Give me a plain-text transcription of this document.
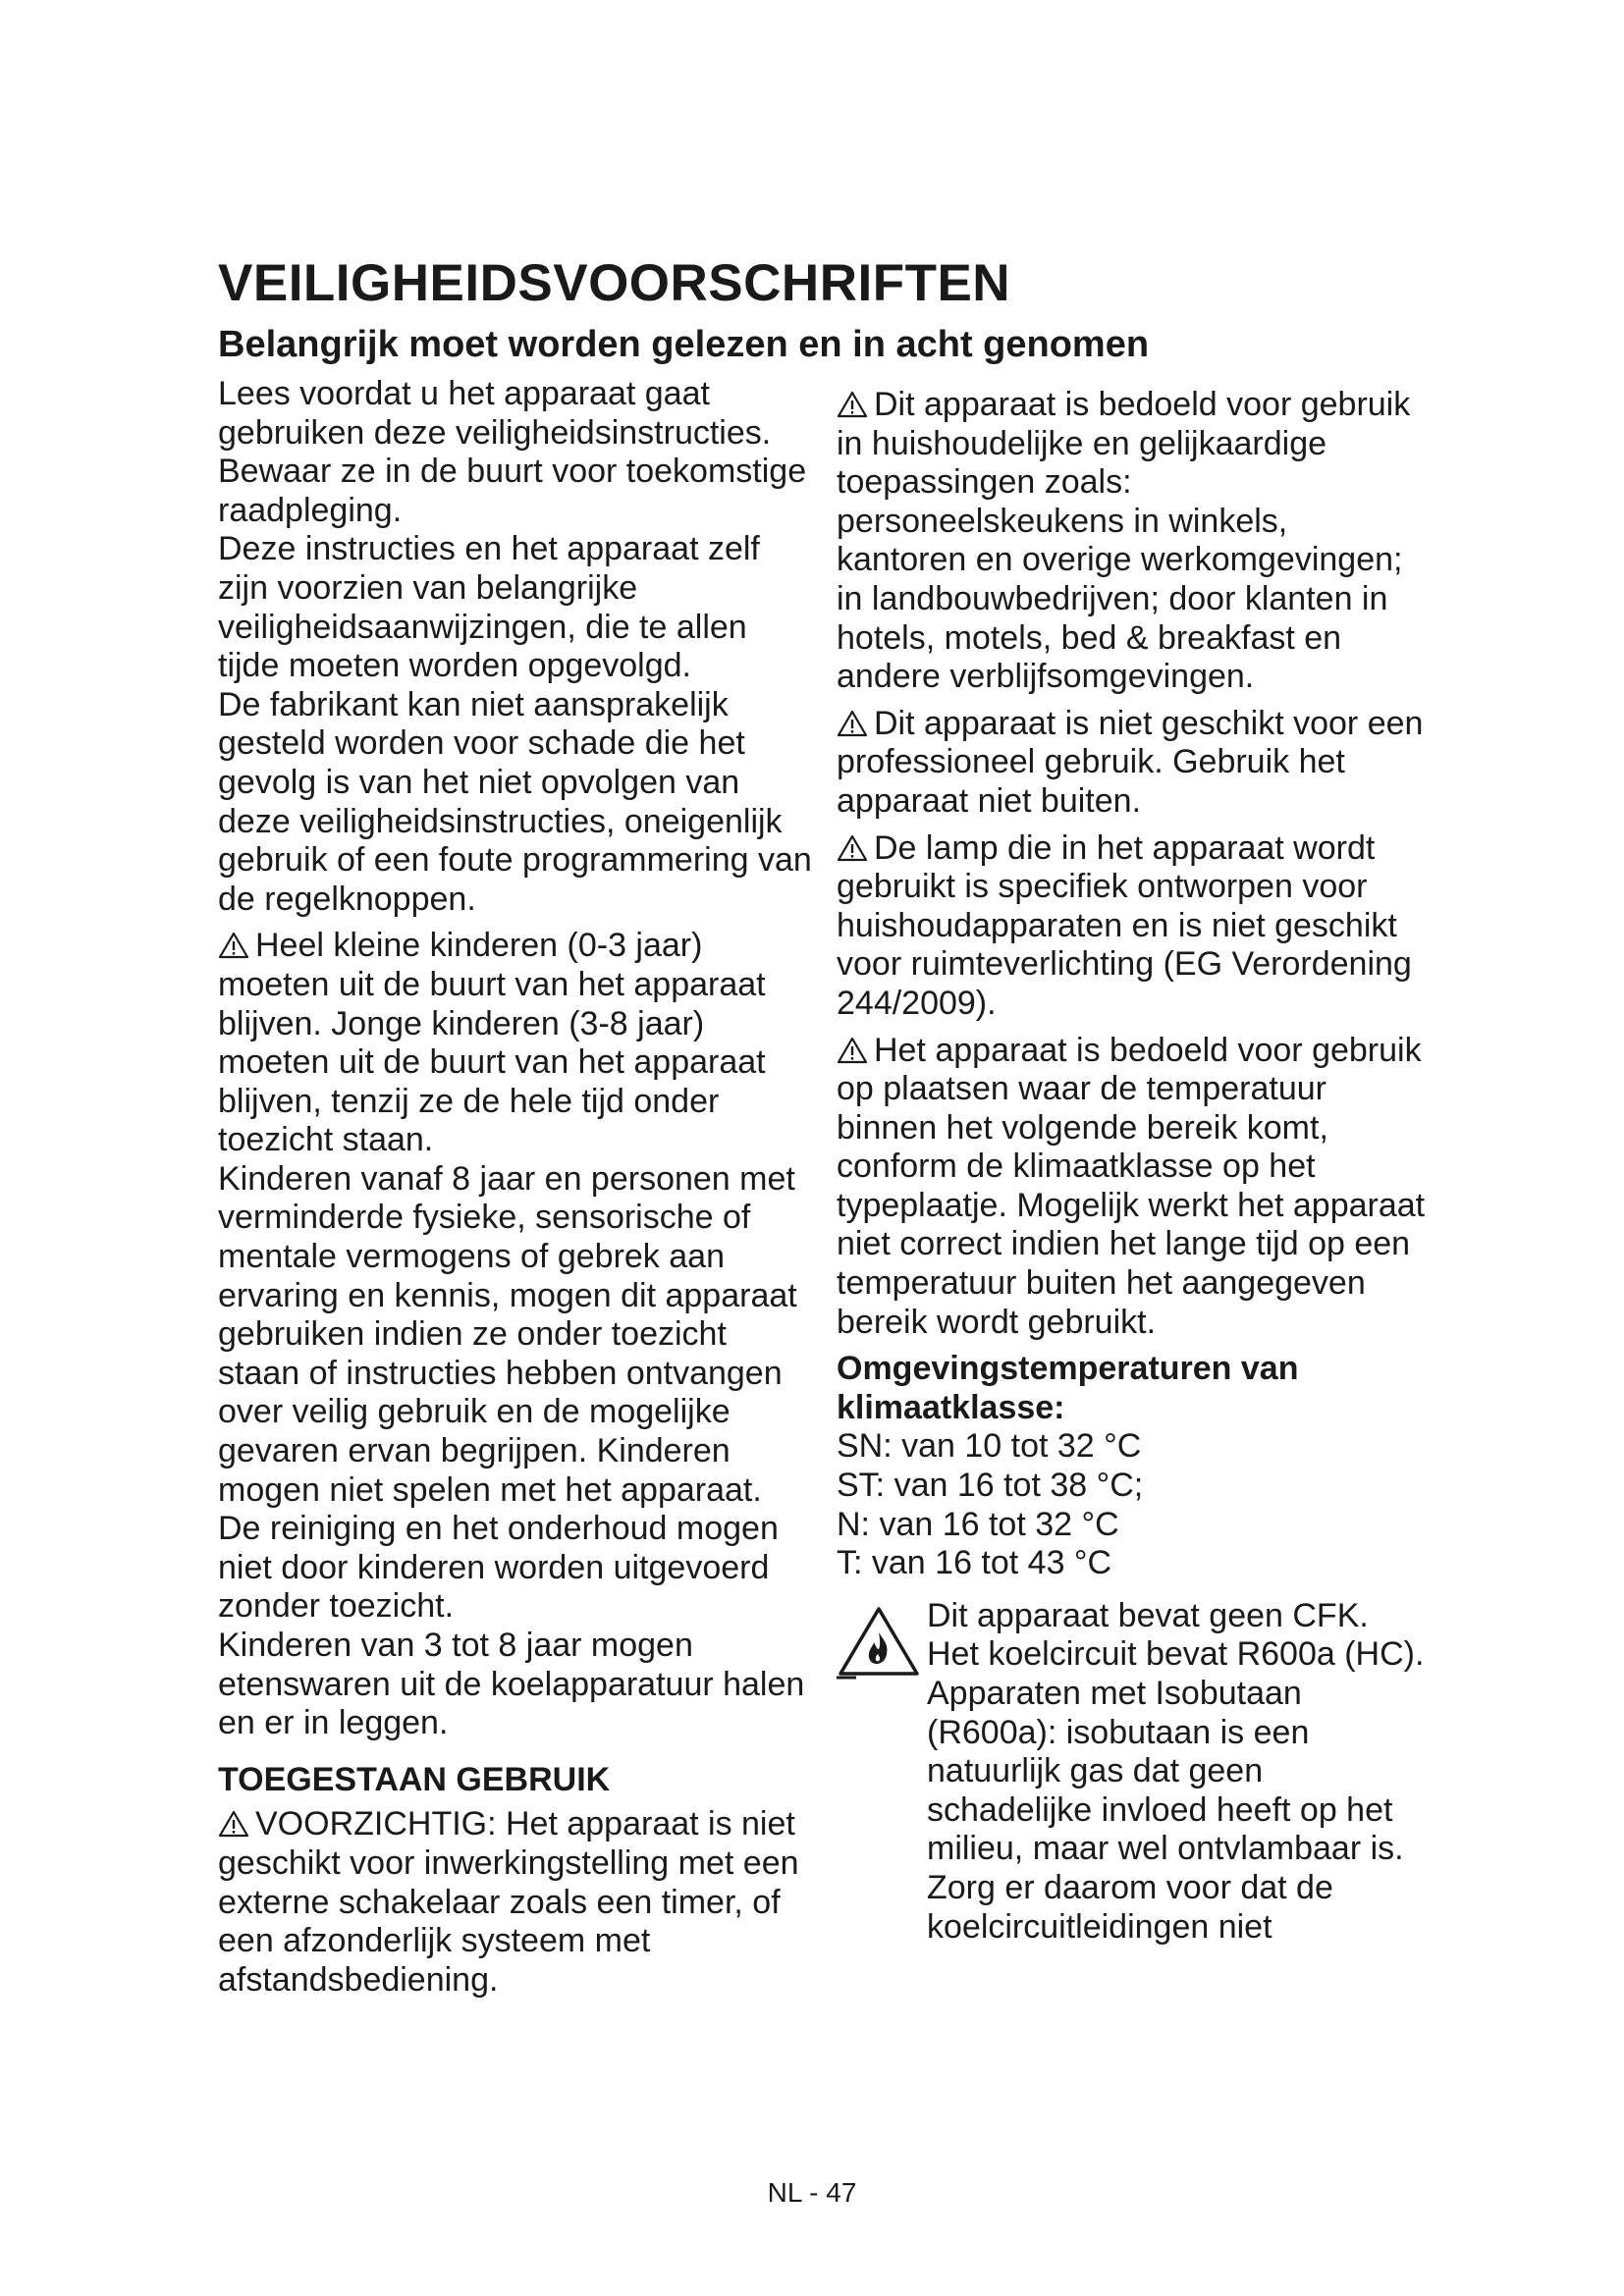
VEILIGHEIDSVOORSCHRIFTEN
Belangrijk moet worden gelezen en in acht genomen

Lees voordat u het apparaat gaat gebruiken deze veiligheidsinstructies. Bewaar ze in de buurt voor toekomstige raadpleging.

Deze instructies en het apparaat zelf zijn voorzien van belangrijke veiligheidsaanwijzingen, die te allen tijde moeten worden opgevolgd.

De fabrikant kan niet aansprakelijk gesteld worden voor schade die het gevolg is van het niet opvolgen van deze veiligheidsinstructies, oneigenlijk gebruik of een foute programmering van de regelknoppen.

Heel kleine kinderen (0-3 jaar) moeten uit de buurt van het apparaat blijven. Jonge kinderen (3-8 jaar) moeten uit de buurt van het apparaat blijven, tenzij ze de hele tijd onder toezicht staan.

Kinderen vanaf 8 jaar en personen met verminderde fysieke, sensorische of mentale vermogens of gebrek aan ervaring en kennis, mogen dit apparaat gebruiken indien ze onder toezicht staan of instructies hebben ontvangen over veilig gebruik en de mogelijke gevaren ervan begrijpen. Kinderen mogen niet spelen met het apparaat.

De reiniging en het onderhoud mogen niet door kinderen worden uitgevoerd zonder toezicht.

Kinderen van 3 tot 8 jaar mogen etenswaren uit de koelapparatuur halen en er in leggen.

TOEGESTAAN GEBRUIK

VOORZICHTIG: Het apparaat is niet geschikt voor inwerkingstelling met een externe schakelaar zoals een timer, of een afzonderlijk systeem met afstandsbediening.

Dit apparaat is bedoeld voor gebruik in huishoudelijke en gelijkaardige toepassingen zoals: personeelskeukens in winkels, kantoren en overige werkomgevingen; in landbouwbedrijven; door klanten in hotels, motels, bed & breakfast en andere verblijfsomgevingen.

Dit apparaat is niet geschikt voor een professioneel gebruik. Gebruik het apparaat niet buiten.

De lamp die in het apparaat wordt gebruikt is specifiek ontworpen voor huishoudapparaten en is niet geschikt voor ruimteverlichting (EG Verordening 244/2009).

Het apparaat is bedoeld voor gebruik op plaatsen waar de temperatuur binnen het volgende bereik komt, conform de klimaatklasse op het typeplaatje. Mogelijk werkt het apparaat niet correct indien het lange tijd op een temperatuur buiten het aangegeven bereik wordt gebruikt.

Omgevingstemperaturen van klimaatklasse:

SN: van 10 tot 32 °C
ST: van 16 tot 38 °C;
N: van 16 tot 32 °C
T: van 16 tot 43 °C

Dit apparaat bevat geen CFK. Het koelcircuit bevat R600a (HC). Apparaten met Isobutaan (R600a): isobutaan is een natuurlijk gas dat geen schadelijke invloed heeft op het milieu, maar wel ontvlambaar is. Zorg er daarom voor dat de koelcircuitleidingen niet

NL - 47
